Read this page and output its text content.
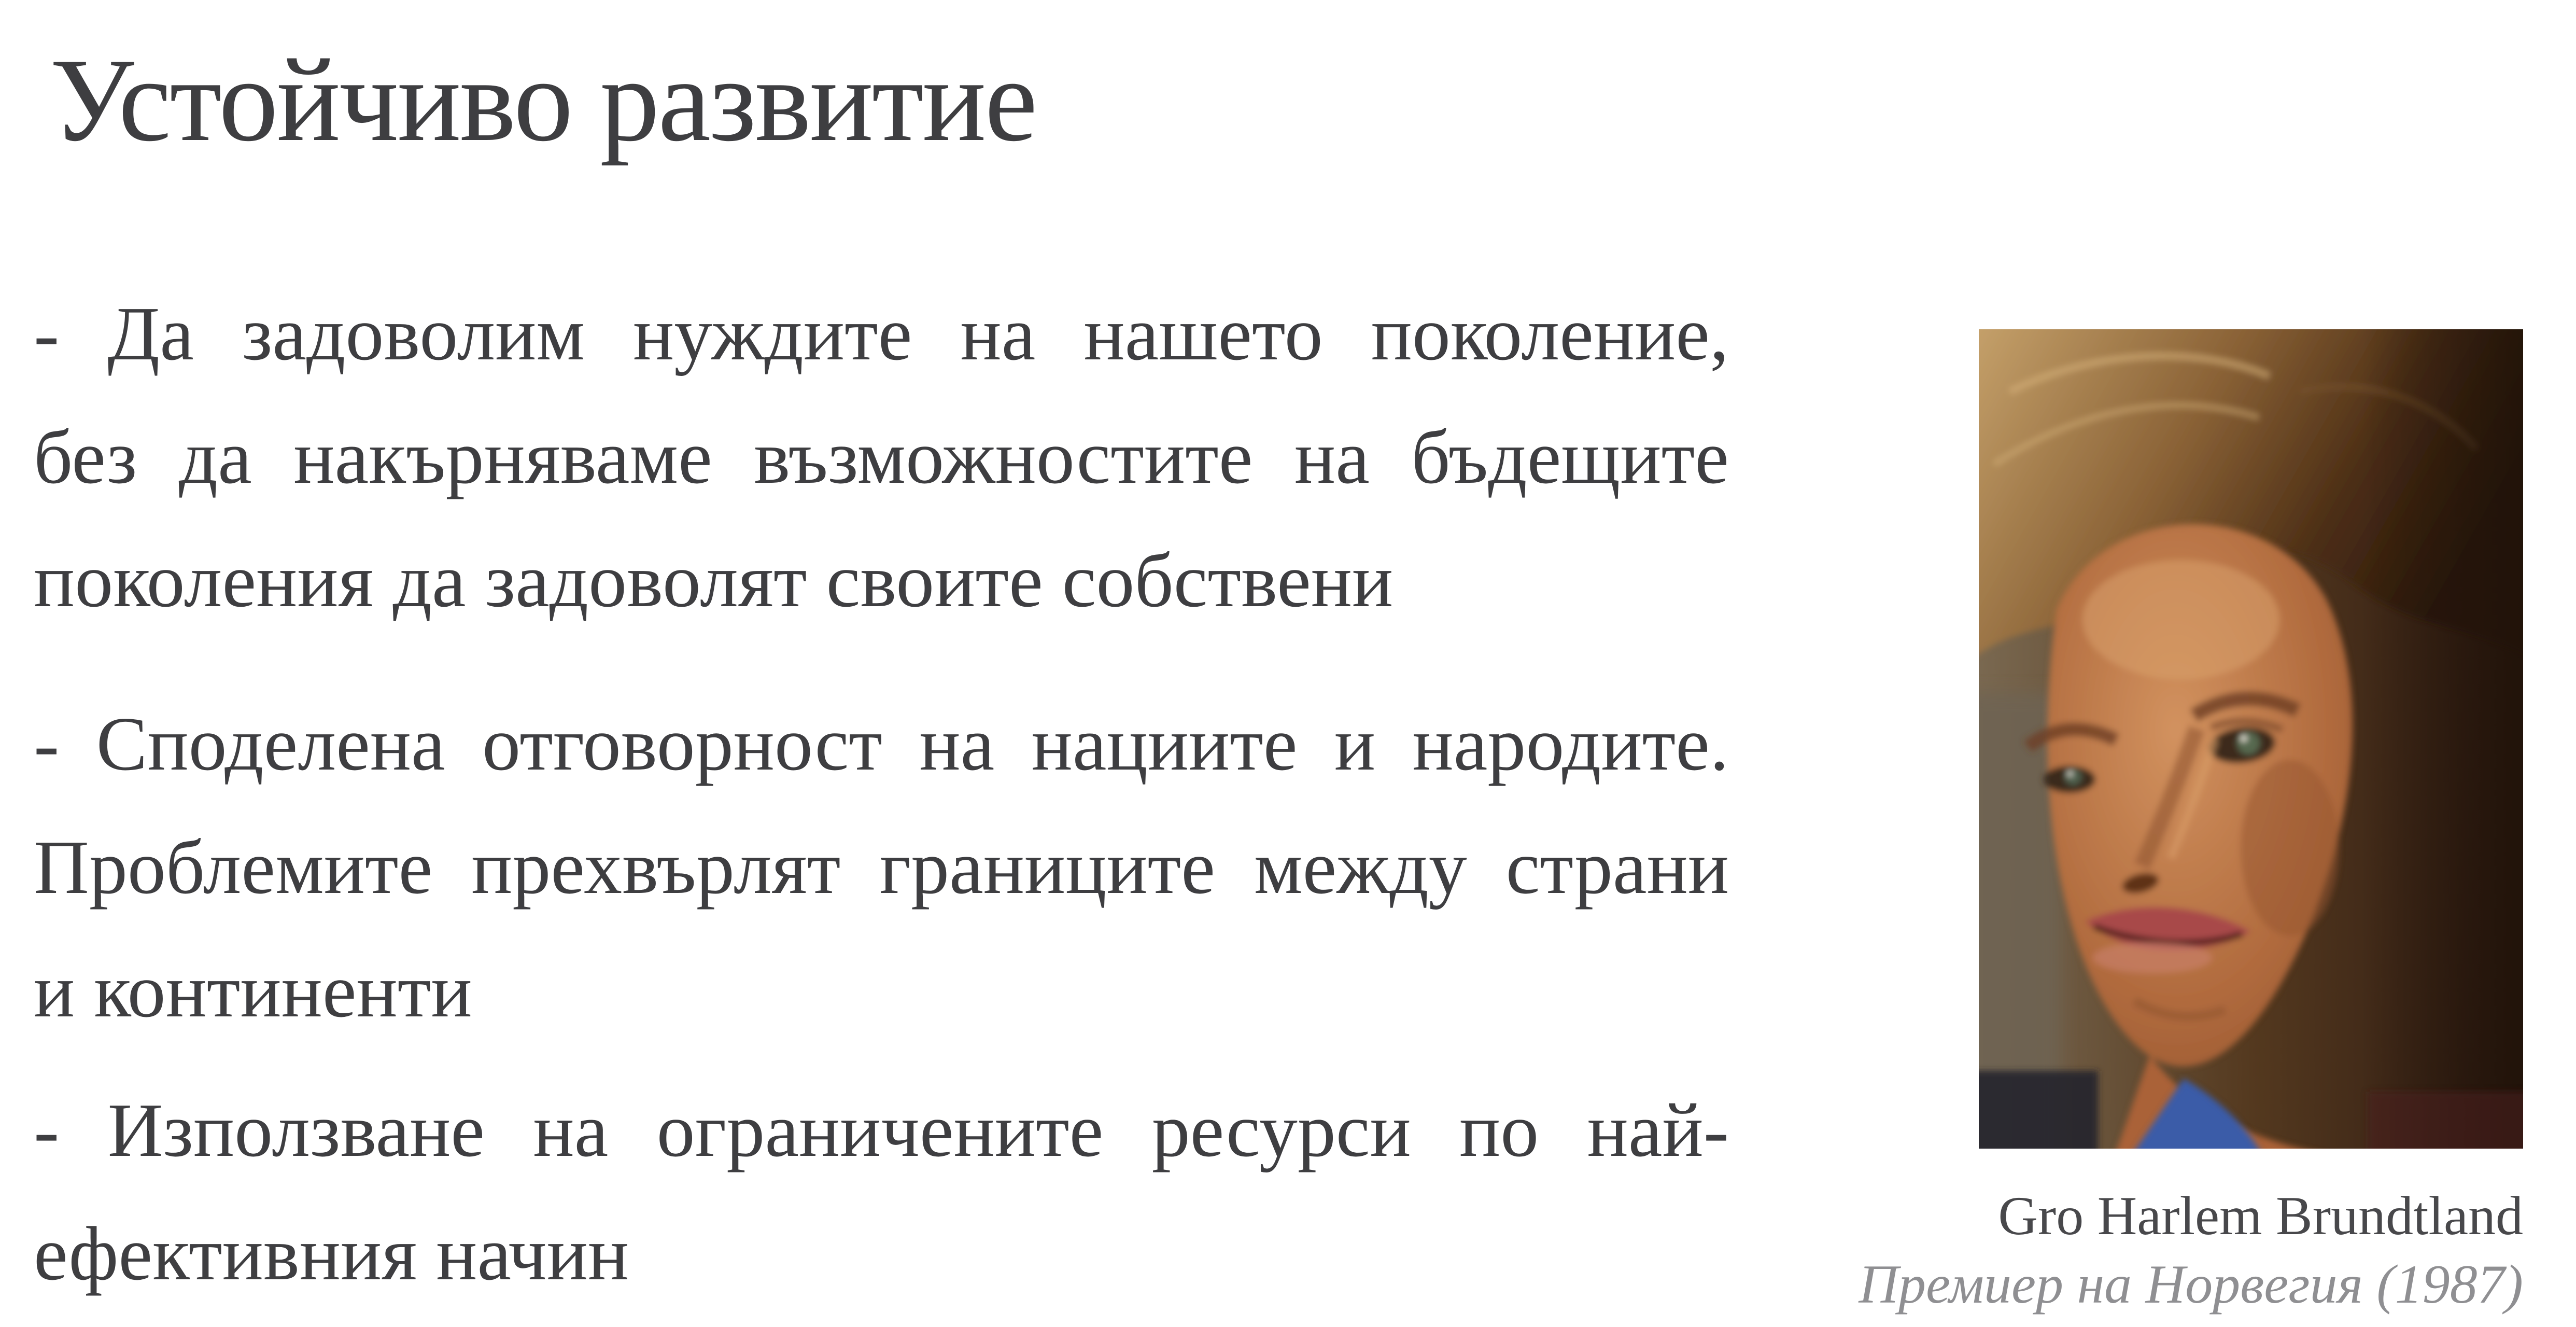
Устойчиво развитие

- Да задоволим нуждите на нашето поколение,
без да накърняваме възможностите на бъдещите
поколения да задоволят своите собствени

- Споделена отговорност на нациите и народите.
Проблемите прехвърлят границите между страни
и континенти

- Използване на ограничените ресурси по най-
ефективния начин	Gro Harlem Brundtland
Премиер на Норвегия (1987)
